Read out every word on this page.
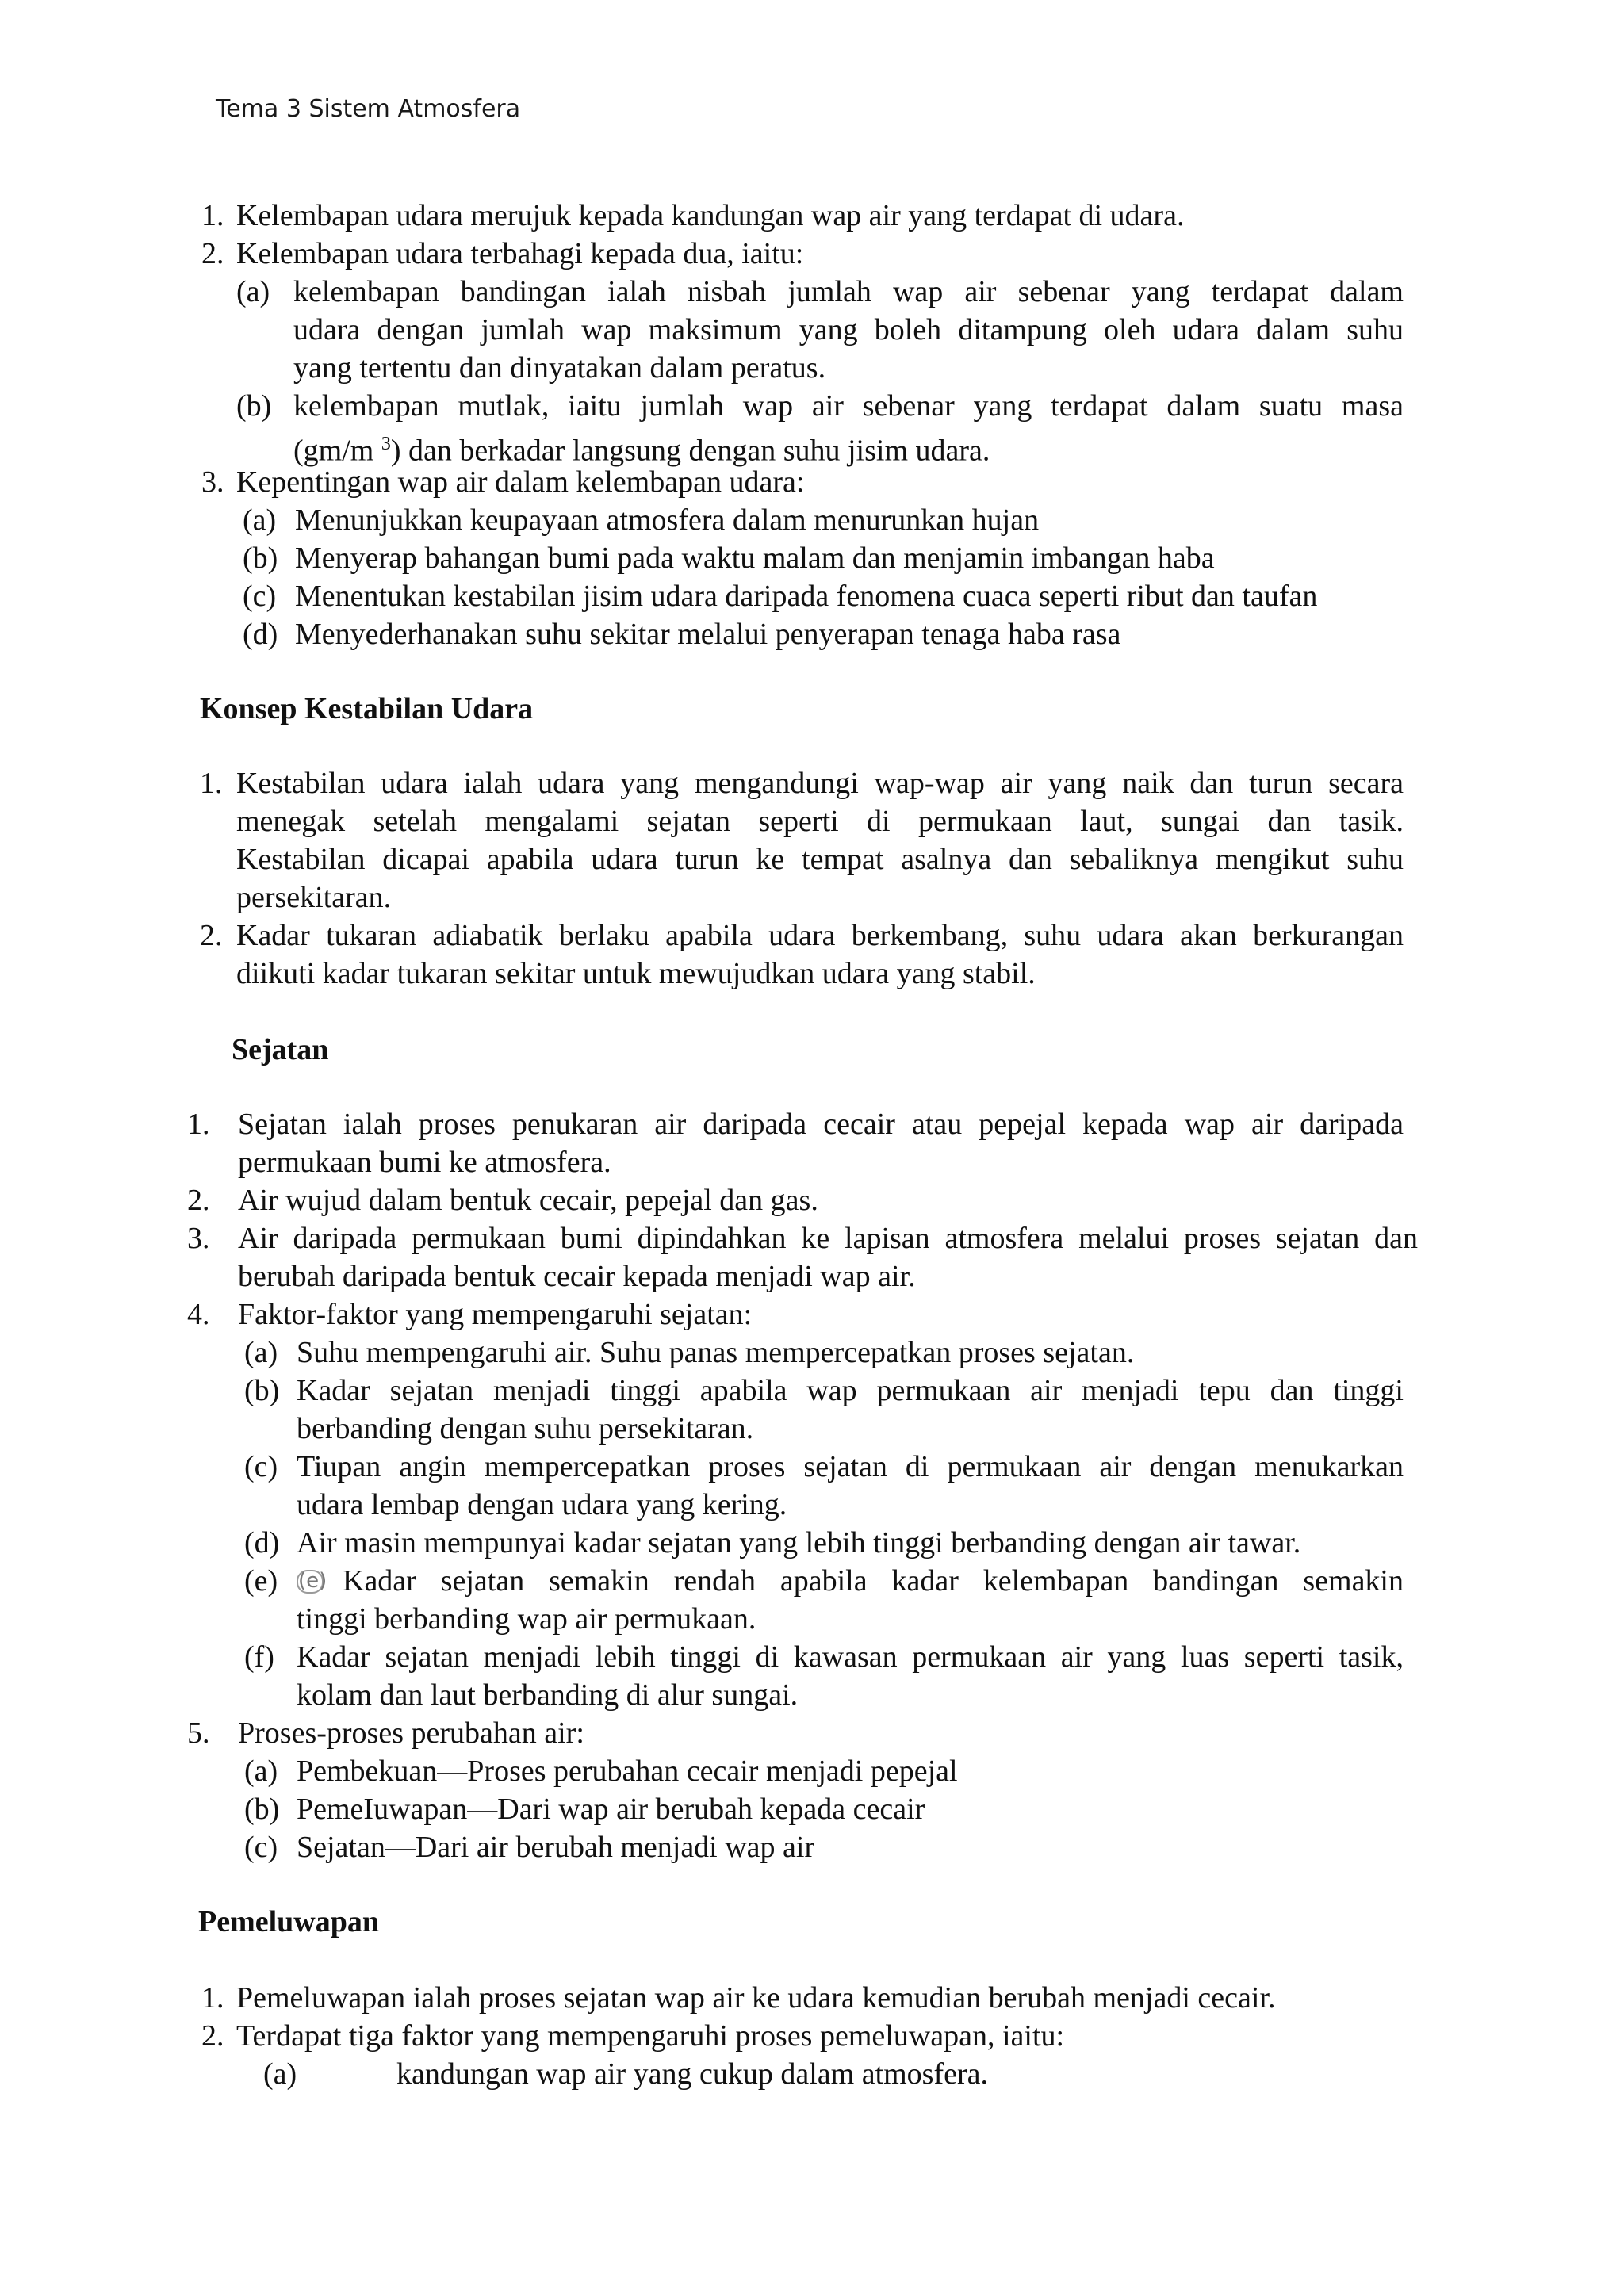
Tema 3 Sistem Atmosfera
1. Kelembapan udara merujuk kepada kandungan wap air yang terdapat di udara.
2. Kelembapan udara terbahagi kepada dua, iaitu:
(a) kelembapan bandingan ialah nisbah jumlah wap air sebenar yang terdapat dalam
udara dengan jumlah wap maksimum yang boleh ditampung oleh udara dalam suhu
yang tertentu dan dinyatakan dalam peratus.
(b) kelembapan mutlak, iaitu jumlah wap air sebenar yang terdapat dalam suatu masa
(gm/m $^3$) dan berkadar langsung dengan suhu jisim udara.
3. Kepentingan wap air dalam kelembapan udara:
(a) Menunjukkan keupayaan atmosfera dalam menurunkan hujan
(b) Menyerap bahangan bumi pada waktu malam dan menjamin imbangan haba
(c) Menentukan kestabilan jisim udara daripada fenomena cuaca seperti ribut dan taufan
(d) Menyederhanakan suhu sekitar melalui penyerapan tenaga haba rasa
Konsep Kestabilan Udara
1. Kestabilan udara ialah udara yang mengandungi wap-wap air yang naik dan turun secara
menegak setelah mengalami sejatan seperti di permukaan laut, sungai dan tasik.
Kestabilan dicapai apabila udara turun ke tempat asalnya dan sebaliknya mengikut suhu
persekitaran.
2. Kadar tukaran adiabatik berlaku apabila udara berkembang, suhu udara akan berkurangan
diikuti kadar tukaran sekitar untuk mewujudkan udara yang stabil.
Sejatan
1. Sejatan ialah proses penukaran air daripada cecair atau pepejal kepada wap air daripada
permukaan bumi ke atmosfera.
2. Air wujud dalam bentuk cecair, pepejal dan gas.
3. Air daripada permukaan bumi dipindahkan ke lapisan atmosfera melalui proses sejatan dan
berubah daripada bentuk cecair kepada menjadi wap air.
4. Faktor-faktor yang mempengaruhi sejatan:
(a) Suhu mempengaruhi air. Suhu panas mempercepatkan proses sejatan.
(b) Kadar sejatan menjadi tinggi apabila wap permukaan air menjadi tepu dan tinggi
berbanding dengan suhu persekitaran.
(c) Tiupan angin mempercepatkan proses sejatan di permukaan air dengan menukarkan
udara lembap dengan udara yang kering.
(d) Air masin mempunyai kadar sejatan yang lebih tinggi berbanding dengan air tawar.
(e) (e) Kadar sejatan semakin rendah apabila kadar kelembapan bandingan semakin
tinggi berbanding wap air permukaan.
(f) Kadar sejatan menjadi lebih tinggi di kawasan permukaan air yang luas seperti tasik,
kolam dan laut berbanding di alur sungai.
5. Proses-proses perubahan air:
(a) Pembekuan—Proses perubahan cecair menjadi pepejal
(b) PemeIuwapan—Dari wap air berubah kepada cecair
(c) Sejatan—Dari air berubah menjadi wap air
Pemeluwapan
1. Pemeluwapan ialah proses sejatan wap air ke udara kemudian berubah menjadi cecair.
2. Terdapat tiga faktor yang mempengaruhi proses pemeluwapan, iaitu:
(a)	kandungan wap air yang cukup dalam atmosfera.
